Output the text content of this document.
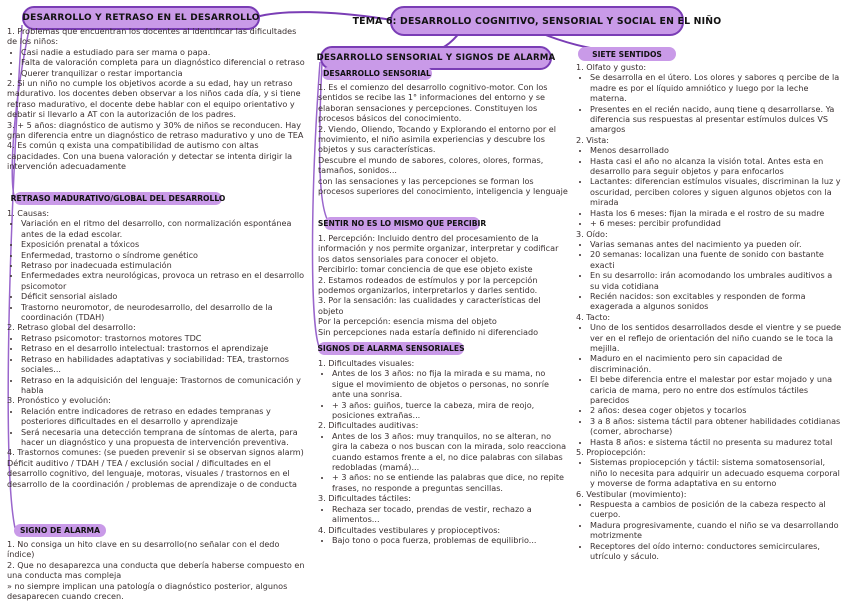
TEMA 6: DESARROLLO COGNITIVO, SENSORIAL Y SOCIAL EN EL NIÑO
DESARROLLO Y RETRASO EN EL DESARROLLO
DESARROLLO SENSORIAL Y SIGNOS DE ALARMA	SIETE SENTIDOS

1. Problemas que encuentran los docentes al identificar las dificultades de los niños:

• Casi nadie a estudiado para ser mama o papa.
• Falta de valoración completa para un diagnóstico diferencial o retraso
• Querer tranquilizar o restar importancia

2. Si un niño no cumple los objetivos acorde a su edad, hay un retraso madurativo. los docentes deben observar a los niños cada día, y si tiene retraso madurativo, el docente debe hablar con el equipo orientativo y debatir si llevarlo a AT con la autorización de los padres.

3. + 5 años: diagnóstico de autismo y 30% de niños se reconducen. Hay gran diferencia entre un diagnóstico de retraso madurativo y uno de TEA

4. Es común q exista una compatibilidad de autismo con altas capacidades. Con una buena valoración y detectar se intenta dirigir la intervención adecuadamente

RETRASO MADURATIVO/GLOBAL DEL DESARROLLO

1. Causas:

• Variación en el ritmo del desarrollo, con normalización espontánea antes de la edad escolar.
• Exposición prenatal a tóxicos
• Enfermedad, trastorno o síndrome genético
• Retraso por inadecuada estimulación
• Enfermedades extra neurológicas, provoca un retraso en el desarrollo psicomotor
• Déficit sensorial aislado
• Trastorno neuromotor, de neurodesarrollo, del desarrollo de la coordinación (TDAH)

2. Retraso global del desarrollo:

• Retraso psicomotor: trastornos motores TDC
• Retraso en el desarrollo intelectual: trastornos el aprendizaje
• Retraso en habilidades adaptativas y sociabilidad: TEA, trastornos sociales...
• Retraso en la adquisición del lenguaje: Trastornos de comunicación y habla

3. Pronóstico y evolución:

• Relación entre indicadores de retraso en edades tempranas y posteriores dificultades en el desarrollo y aprendizaje
• Será necesaria una detección temprana de síntomas de alerta, para hacer un diagnóstico y una propuesta de intervención preventiva.

4. Trastornos comunes: (se pueden prevenir si se observan signos alarm) Déficit auditivo / TDAH / TEA / exclusión social / dificultades en el desarrollo cognitivo, del lenguaje, motoras, visuales / trastornos en el desarrollo de la coordinación / problemas de aprendizaje o de conducta

SIGNO DE ALARMA

1. No consiga un hito clave en su desarrollo(no señalar con el dedo índice)

2. Que no desaparezca una conducta que debería haberse compuesto en una conducta mas compleja

» no siempre implican una patología o diagnóstico posterior, algunos desaparecen cuando crecen.

DESARROLLO SENSORIAL

1. Es el comienzo del desarrollo cognitivo-motor. Con los sentidos se recibe las 1° informaciones del entorno y se elaboran sensaciones y percepciones. Constituyen los procesos básicos del conocimiento.

2. Viendo, Oliendo, Tocando y Explorando el entorno por el movimiento, el niño asimila experiencias y descubre los objetos y sus características.

Descubre el mundo de sabores, colores, olores, formas, tamaños, sonidos...

con las sensaciones y las percepciones se forman los procesos superiores del conocimiento, inteligencia y lenguaje

SENTIR NO ES LO MISMO QUE PERCIBIR

1. Percepción: Incluido dentro del procesamiento de la información y nos permite organizar, interpretar y codificar los datos sensoriales para conocer el objeto.

Percibirlo: tomar conciencia de que ese objeto existe

2. Estamos rodeados de estímulos y por la percepción podemos organizarlos, interpretarlos y darles sentido.

3. Por la sensación: las cualidades y características del objeto

Por la percepción: esencia misma del objeto

Sin percepciones nada estaría definido ni diferenciado

SIGNOS DE ALARMA SENSORIALES

1. Dificultades visuales:

• Antes de los 3 años: no fija la mirada e su mama, no sigue el movimiento de objetos o personas, no sonríe ante una sonrisa.
• + 3 años: guiños, tuerce la cabeza, mira de reojo, posiciones extrañas...

2. Dificultades auditivas:

• Antes de los 3 años: muy tranquilos, no se alteran, no gira la cabeza o nos buscan con la mirada, solo reacciona cuando estamos frente a el, no dice palabras con silabas redobladas (mamá)...
• + 3 años: no se entiende las palabras que dice, no repite frases, no responde a preguntas sencillas.

3. Dificultades táctiles:

• Rechaza ser tocado, prendas de vestir, rechazo a alimentos...

4. Dificultades vestibulares y propioceptivos:

• Bajo tono o poca fuerza, problemas de equilibrio...

1. Olfato y gusto:

• Se desarrolla en el útero. Los olores y sabores q percibe de la madre es por el líquido amniótico y luego por la leche materna.
• Presentes en el recién nacido, aunq tiene q desarrollarse. Ya diferencia sus respuestas al presentar estímulos dulces VS amargos

2. Vista:

• Menos desarrollado
• Hasta casi el año no alcanza la visión total. Antes esta en desarrollo para seguir objetos y para enfocarlos
• Lactantes: diferencian estímulos visuales, discriminan la luz y oscuridad, perciben colores y siguen algunos objetos con la mirada
• Hasta los 6 meses: fijan la mirada e el rostro de su madre
• + 6 meses: percibir profundidad

3. Oído:

• Varias semanas antes del nacimiento ya pueden oír.
• 20 semanas: localizan una fuente de sonido con bastante exacti
• En su desarrollo: irán acomodando los umbrales auditivos a su vida cotidiana
• Recién nacidos: son excitables y responden de forma exagerada a algunos sonidos

4. Tacto:

• Uno de los sentidos desarrollados desde el vientre y se puede ver en el reflejo de orientación del niño cuando se le toca la mejilla.
• Maduro en el nacimiento pero sin capacidad de discriminación.
• El bebe diferencia entre el malestar por estar mojado y una caricia de mama, pero no entre dos estímulos táctiles parecidos
• 2 años: desea coger objetos y tocarlos
• 3 a 8 años: sistema táctil para obtener habilidades cotidianas (comer, abrocharse)
• Hasta 8 años: e sistema táctil no presenta su madurez total

5. Propiocepción:

• Sistemas propiocepción y táctil: sistema somatosensorial, niño lo necesita para adquirir un adecuado esquema corporal y moverse de forma adaptativa en su entorno

6. Vestibular (movimiento):

• Respuesta a cambios de posición de la cabeza respecto al cuerpo.
• Madura progresivamente, cuando el niño se va desarrollando motrizmente
• Receptores del oído interno: conductores semicirculares, utrículo y sáculo.
